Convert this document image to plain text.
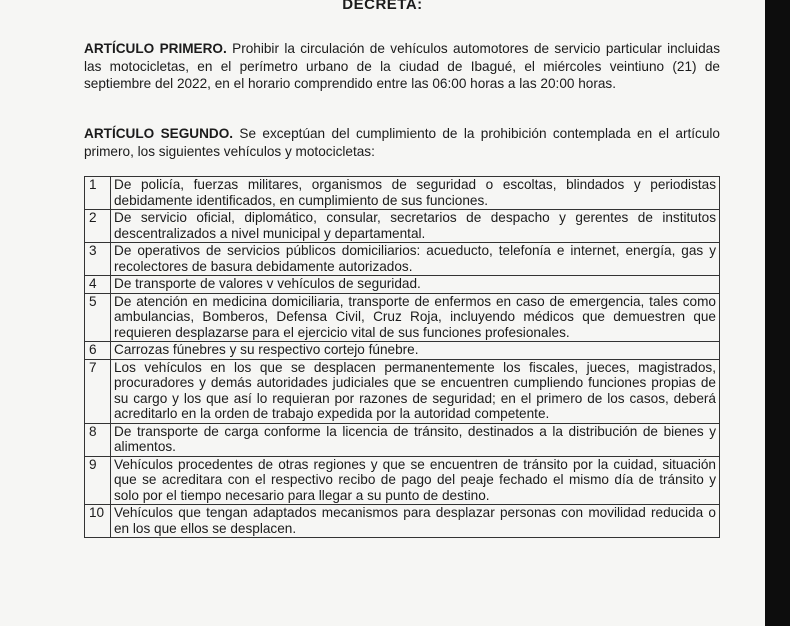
DECRETA:
ARTÍCULO PRIMERO. Prohibir la circulación de vehículos automotores de servicio particular incluidas las motocicletas, en el perímetro urbano de la ciudad de Ibagué, el miércoles veintiuno (21) de septiembre del 2022, en el horario comprendido entre las 06:00 horas a las 20:00 horas.
ARTÍCULO SEGUNDO. Se exceptúan del cumplimiento de la prohibición contemplada en el artículo primero, los siguientes vehículos y motocicletas:
1	De policía, fuerzas militares, organismos de seguridad o escoltas, blindados y periodistas debidamente identificados, en cumplimiento de sus funciones.
2	De servicio oficial, diplomático, consular, secretarios de despacho y gerentes de institutos descentralizados a nivel municipal y departamental.
3	De operativos de servicios públicos domiciliarios: acueducto, telefonía e internet, energía, gas y recolectores de basura debidamente autorizados.
4	De transporte de valores v vehículos de seguridad.
5	De atención en medicina domiciliaria, transporte de enfermos en caso de emergencia, tales como ambulancias, Bomberos, Defensa Civil, Cruz Roja, incluyendo médicos que demuestren que requieren desplazarse para el ejercicio vital de sus funciones profesionales.
6	Carrozas fúnebres y su respectivo cortejo fúnebre.
7	Los vehículos en los que se desplacen permanentemente los fiscales, jueces, magistrados, procuradores y demás autoridades judiciales que se encuentren cumpliendo funciones propias de su cargo y los que así lo requieran por razones de seguridad; en el primero de los casos, deberá acreditarlo en la orden de trabajo expedida por la autoridad competente.
8	De transporte de carga conforme la licencia de tránsito, destinados a la distribución de bienes y alimentos.
9	Vehículos procedentes de otras regiones y que se encuentren de tránsito por la cuidad, situación que se acreditara con el respectivo recibo de pago del peaje fechado el mismo día de tránsito y solo por el tiempo necesario para llegar a su punto de destino.
10	Vehículos que tengan adaptados mecanismos para desplazar personas con movilidad reducida o en los que ellos se desplacen.
